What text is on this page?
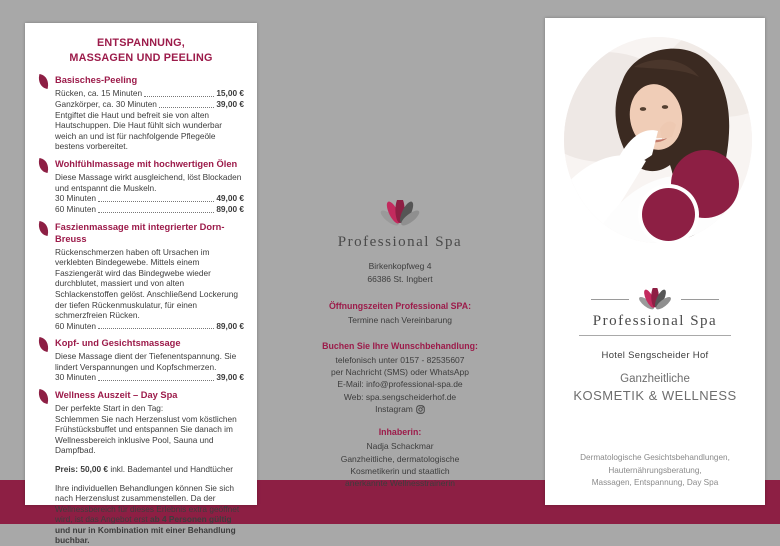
ENTSPANNUNG,
MASSAGEN UND PEELING
Basisches-Peeling
Rücken, ca. 15 Minuten	15,00 €
Ganzkörper, ca. 30 Minuten	39,00 €
Entgiftet die Haut und befreit sie von alten Hautschuppen. Die Haut fühlt sich wunderbar weich an und ist für nachfolgende Pflegeöle bestens vorbereitet.
Wohlfühlmassage mit hochwertigen Ölen
Diese Massage wirkt ausgleichend, löst Blockaden und entspannt die Muskeln.
30 Minuten	49,00 €
60 Minuten	89,00 €
Faszienmassage mit integrierter Dorn-Breuss
Rückenschmerzen haben oft Ursachen im verklebten Bindegewebe. Mittels einem Fasziengerät wird das Bindegwebe wieder durchblutet, massiert und von alten Schlackenstoffen gelöst. Anschließend Lockerung der tiefen Rückenmuskulatur, für einen schmerzfreien Rücken.
60 Minuten	89,00 €
Kopf- und Gesichtsmassage
Diese Massage dient der Tiefenentspannung. Sie lindert Verspannungen und Kopfschmerzen.
30 Minuten	39,00 €
Wellness Auszeit – Day Spa
Der perfekte Start in den Tag:
Schlemmen Sie nach Herzenslust vom köstlichen Frühstücksbuffet und entspannen Sie danach im Wellnessbereich inklusive Pool, Sauna und Dampfbad.
Preis: 50,00 € inkl. Bademantel und Handtücher
Ihre individuellen Behandlungen können Sie sich nach Herzenslust zusammenstellen. Da der Wellnessbereich für dieses Erlebnis extra geöffnet wird, ist das Angebot erst ab 4 Personen gültig und nur in Kombination mit einer Behandlung buchbar.
Professional Spa
Birkenkopfweg 4
66386 St. Ingbert
Öffnungszeiten Professional SPA:
Termine nach Vereinbarung
Buchen Sie Ihre Wunschbehandlung:
telefonisch unter 0157 - 82535607
per Nachricht (SMS) oder WhatsApp
E-Mail: info@professional-spa.de
Web: spa.sengscheiderhof.de
Instagram
Inhaberin:
Nadja Schackmar
Ganzheitliche, dermatologische
Kosmetikerin und staatlich
anerkannte Wellnesstrainerin
Professional Spa
Hotel Sengscheider Hof
Ganzheitliche
KOSMETIK & WELLNESS
Dermatologische Gesichtsbehandlungen,
Hauternährungsberatung,
Massagen, Entspannung, Day Spa
